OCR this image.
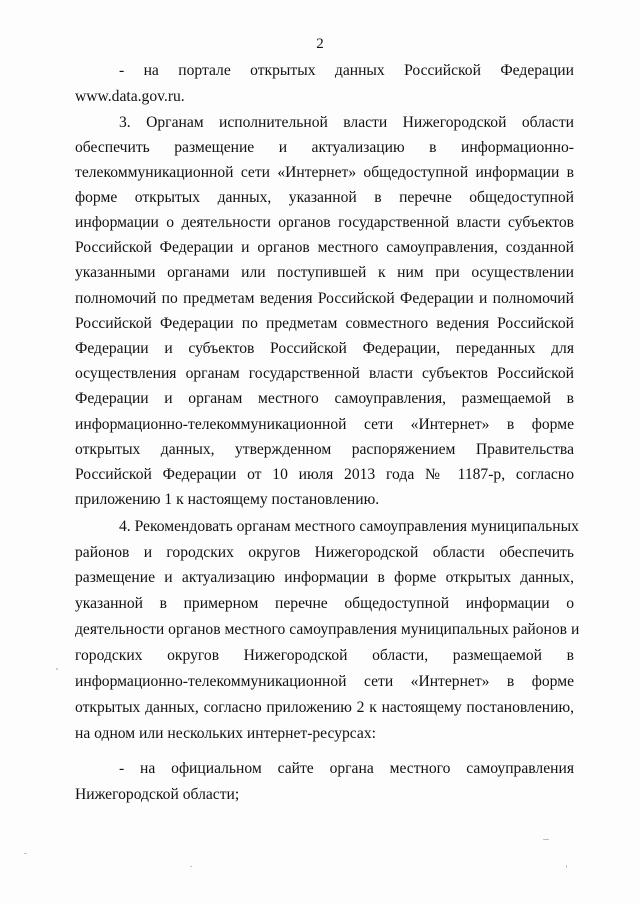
2
- на порталe открытых данных Российской Федерации
www.data.gov.ru.
3. Органам исполнительной власти Нижегородской области
обеспечить размещение и актуализацию в информационно-
телекоммуникационной сети «Интернет» общедоступной информации в
форме открытых данных, указанной в перечне общедоступной
информации о деятельности органов государственной власти субъектов
Российской Федерации и органов местного самоуправления, созданной
указанными органами или поступившей к ним при осуществлении
полномочий по предметам ведения Российской Федерации и полномочий
Российской Федерации по предметам совместного ведения Российской
Федерации и субъектов Российской Федерации, переданных для
осуществления органам государственной власти субъектов Российской
Федерации и органам местного самоуправления, размещаемой в
информационно-телекоммуникационной сети «Интернет» в форме
открытых данных, утвержденном распоряжением Правительства
Российской Федерации от 10 июля 2013 года № 1187-р, согласно
приложению 1 к настоящему постановлению.
4. Рекомендовать органам местного самоуправления муниципальных
районов и городских округов Нижегородской области обеспечить
размещение и актуализацию информации в форме открытых данных,
указанной в примерном перечне общедоступной информации о
деятельности органов местного самоуправления муниципальных районов и
городских округов Нижегородской области, размещаемой в
информационно-телекоммуникационной сети «Интернет» в форме
открытых данных, согласно приложению 2 к настоящему постановлению,
на одном или нескольких интернет-ресурсах:
- на официальном сайте органа местного самоуправления
Нижегородской области;
